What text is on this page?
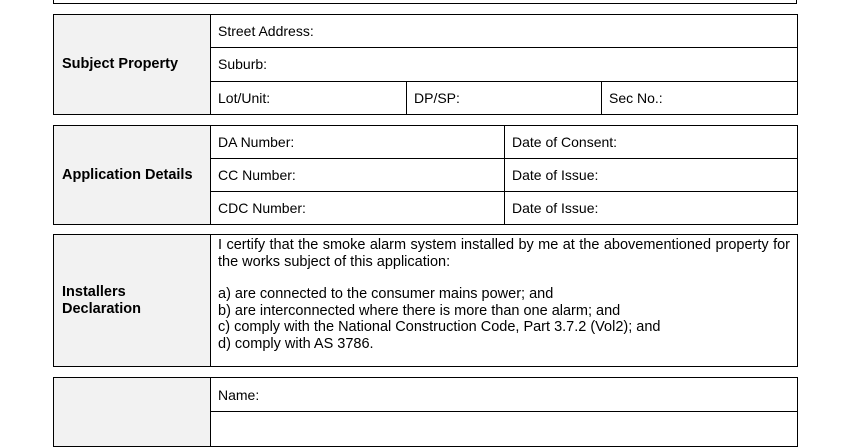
Subject Property
Street Address:
Suburb:
Lot/Unit:	DP/SP:	Sec No.:
Application Details
DA Number:	Date of Consent:
CC Number:	Date of Issue:
CDC Number:	Date of Issue:
Installers
Declaration

I certify that the smoke alarm system installed by me at the abovementioned property for the works subject of this application:

a) are connected to the consumer mains power; and
b) are interconnected where there is more than one alarm; and
c) comply with the National Construction Code, Part 3.7.2 (Vol2); and
d) comply with AS 3786.
Name:
